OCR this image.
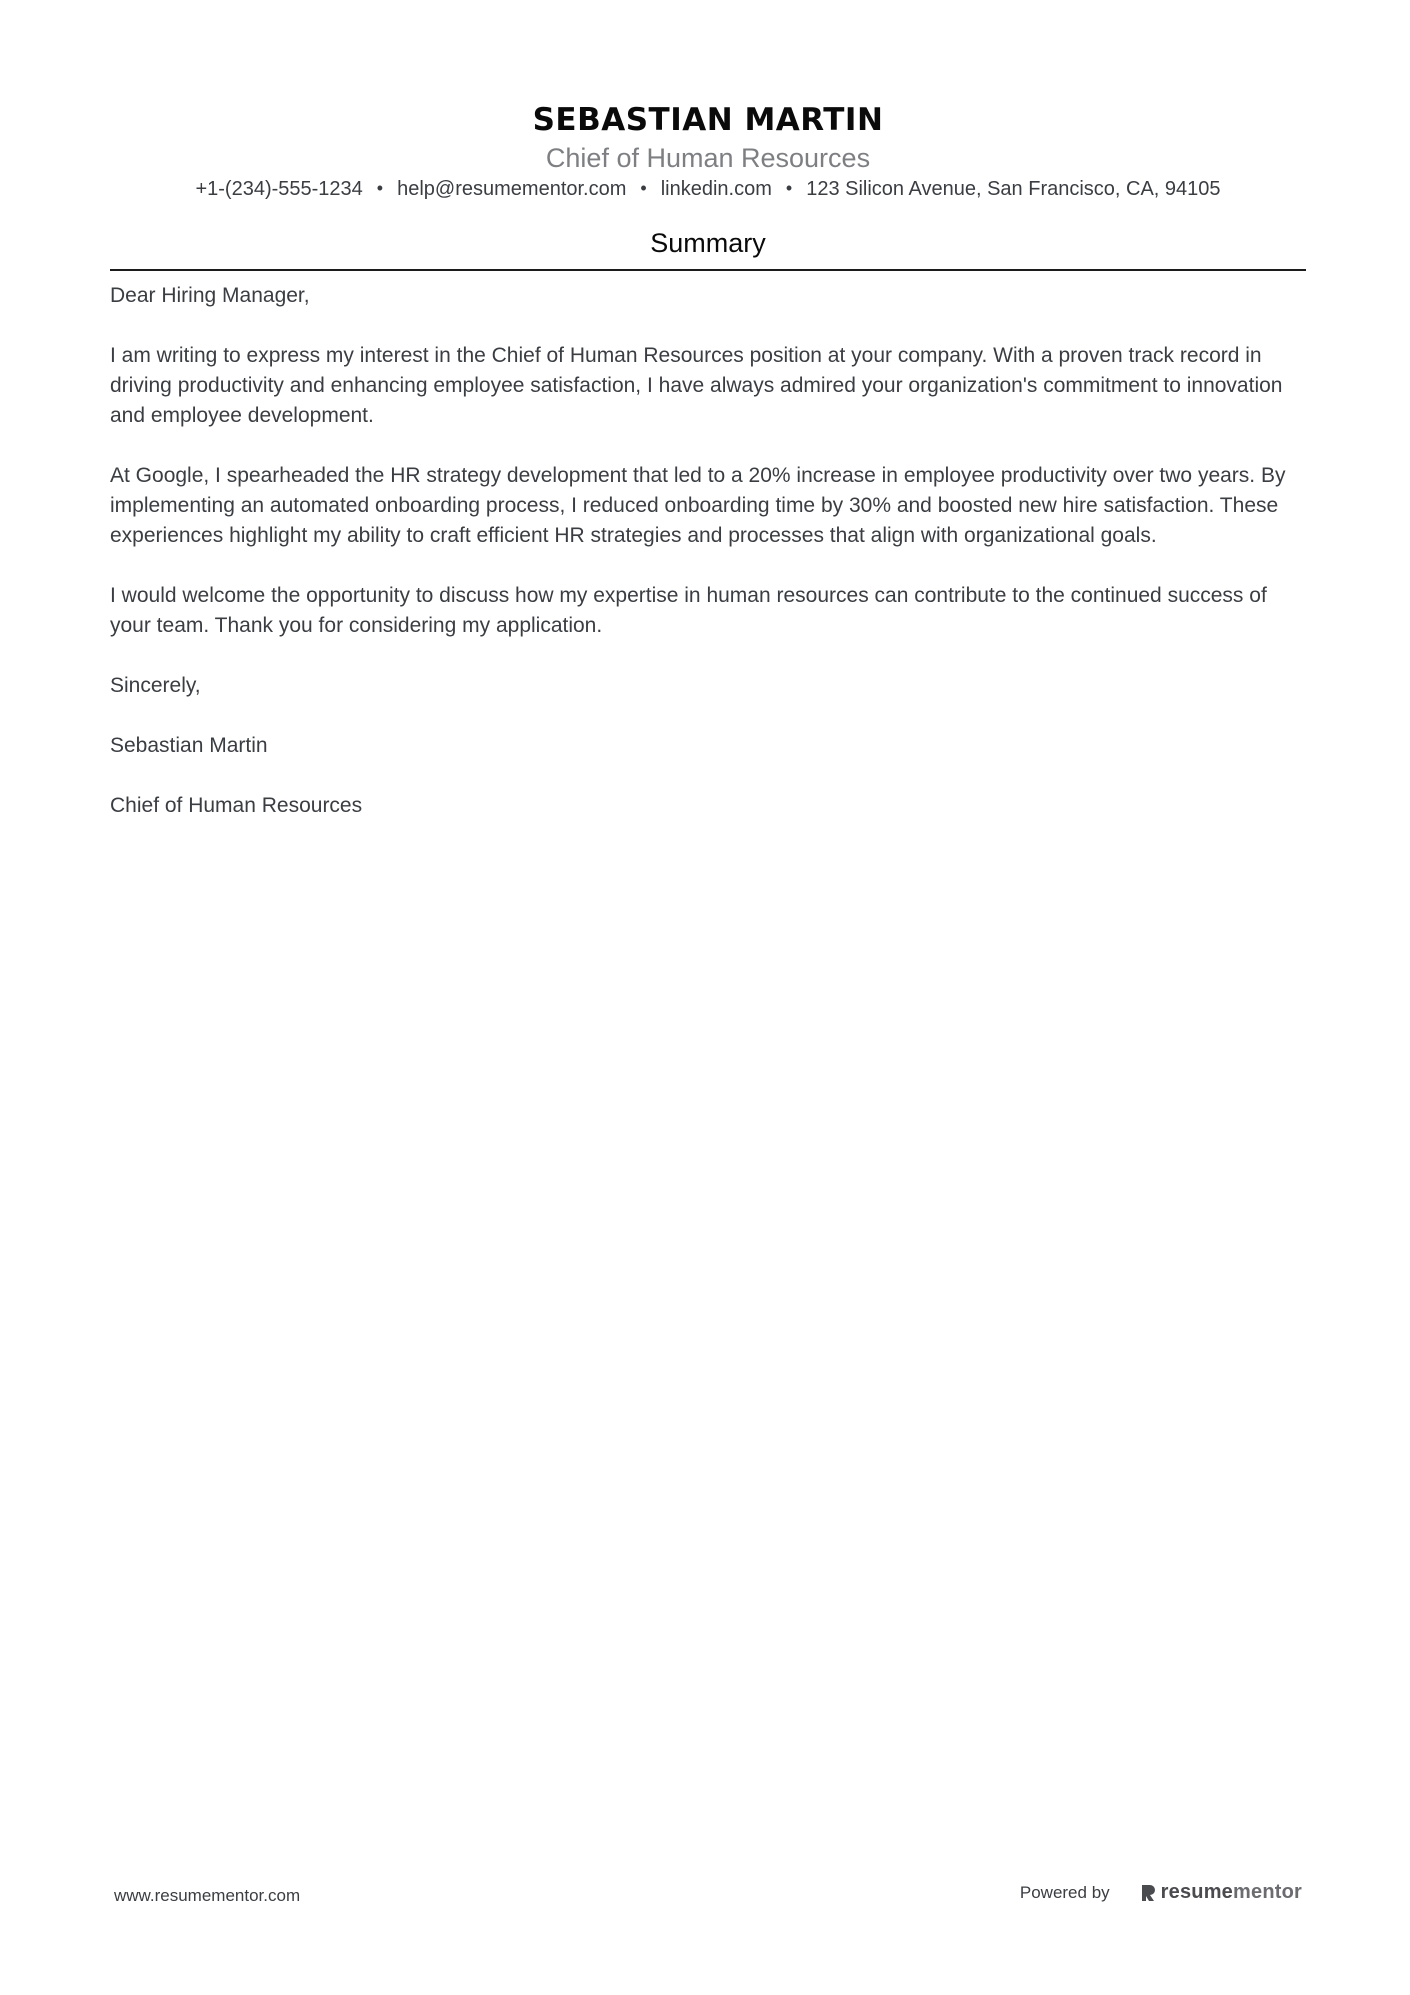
SEBASTIAN MARTIN
Chief of Human Resources
+1-(234)-555-1234 • help@resumementor.com • linkedin.com • 123 Silicon Avenue, San Francisco, CA, 94105
Summary

Dear Hiring Manager,

I am writing to express my interest in the Chief of Human Resources position at your company. With a proven track record in driving productivity and enhancing employee satisfaction, I have always admired your organization's commitment to innovation and employee development.

At Google, I spearheaded the HR strategy development that led to a 20% increase in employee productivity over two years. By implementing an automated onboarding process, I reduced onboarding time by 30% and boosted new hire satisfaction. These experiences highlight my ability to craft efficient HR strategies and processes that align with organizational goals.

I would welcome the opportunity to discuss how my expertise in human resources can contribute to the continued success of your team. Thank you for considering my application.

Sincerely,

Sebastian Martin

Chief of Human Resources

www.resumementor.com	Powered by	resume mentor
